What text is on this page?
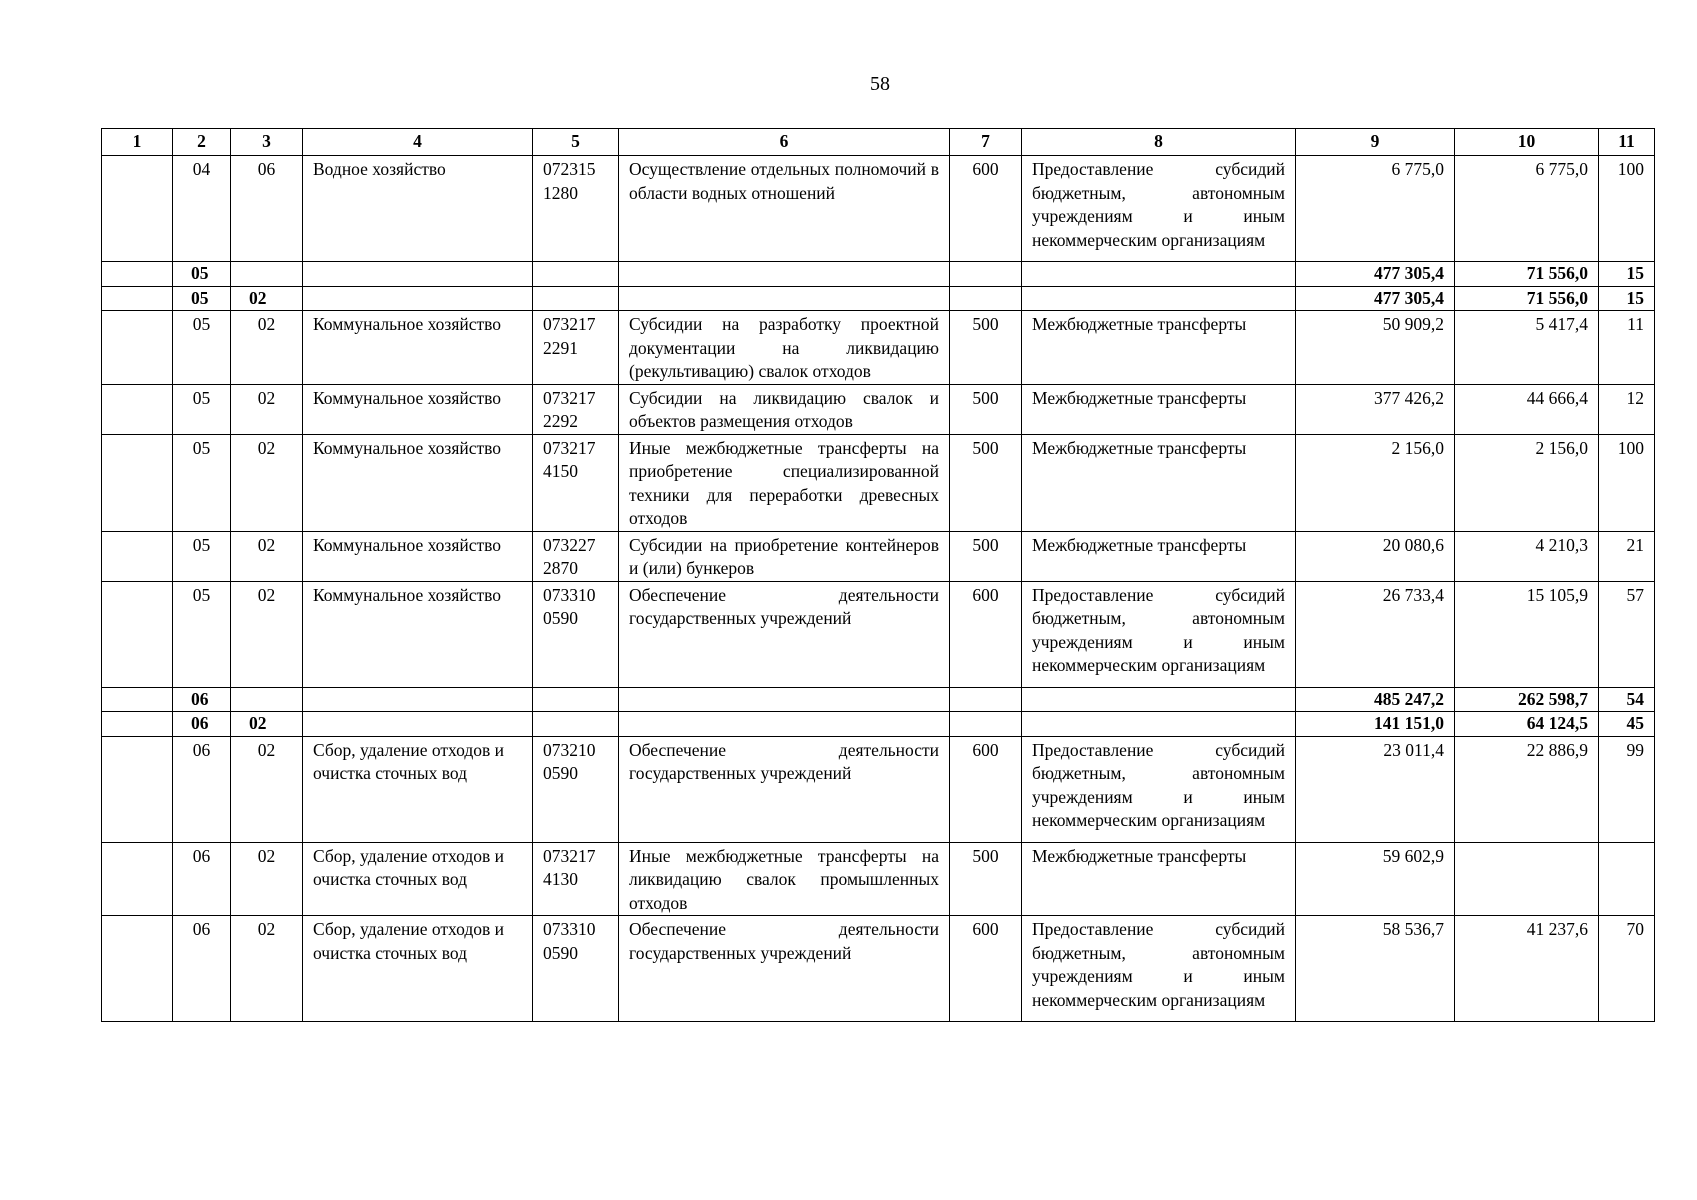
58
1	2	3	4	5	6	7	8	9	10	11
	04	06	Водное хозяйство	072315 1280	Осуществление отдельных полномочий в области водных отношений	600	Предоставление субсидий бюджетным, автономным учреждениям и иным некоммерческим организациям	6 775,0	6 775,0	100
	05							477 305,4	71 556,0	15
	05	02						477 305,4	71 556,0	15
	05	02	Коммунальное хозяйство	073217 2291	Субсидии на разработку проектной документации на ликвидацию (рекультивацию) свалок отходов	500	Межбюджетные трансферты	50 909,2	5 417,4	11
	05	02	Коммунальное хозяйство	073217 2292	Субсидии на ликвидацию свалок и объектов размещения отходов	500	Межбюджетные трансферты	377 426,2	44 666,4	12
	05	02	Коммунальное хозяйство	073217 4150	Иные межбюджетные трансферты на приобретение специализированной техники для переработки древесных отходов	500	Межбюджетные трансферты	2 156,0	2 156,0	100
	05	02	Коммунальное хозяйство	073227 2870	Субсидии на приобретение контейнеров и (или) бункеров	500	Межбюджетные трансферты	20 080,6	4 210,3	21
	05	02	Коммунальное хозяйство	073310 0590	Обеспечение деятельности государственных учреждений	600	Предоставление субсидий бюджетным, автономным учреждениям и иным некоммерческим организациям	26 733,4	15 105,9	57
	06							485 247,2	262 598,7	54
	06	02						141 151,0	64 124,5	45
	06	02	Сбор, удаление отходов и очистка сточных вод	073210 0590	Обеспечение деятельности государственных учреждений	600	Предоставление субсидий бюджетным, автономным учреждениям и иным некоммерческим организациям	23 011,4	22 886,9	99
	06	02	Сбор, удаление отходов и очистка сточных вод	073217 4130	Иные межбюджетные трансферты на ликвидацию свалок промышленных отходов	500	Межбюджетные трансферты	59 602,9		
	06	02	Сбор, удаление отходов и очистка сточных вод	073310 0590	Обеспечение деятельности государственных учреждений	600	Предоставление субсидий бюджетным, автономным учреждениям и иным некоммерческим организациям	58 536,7	41 237,6	70
